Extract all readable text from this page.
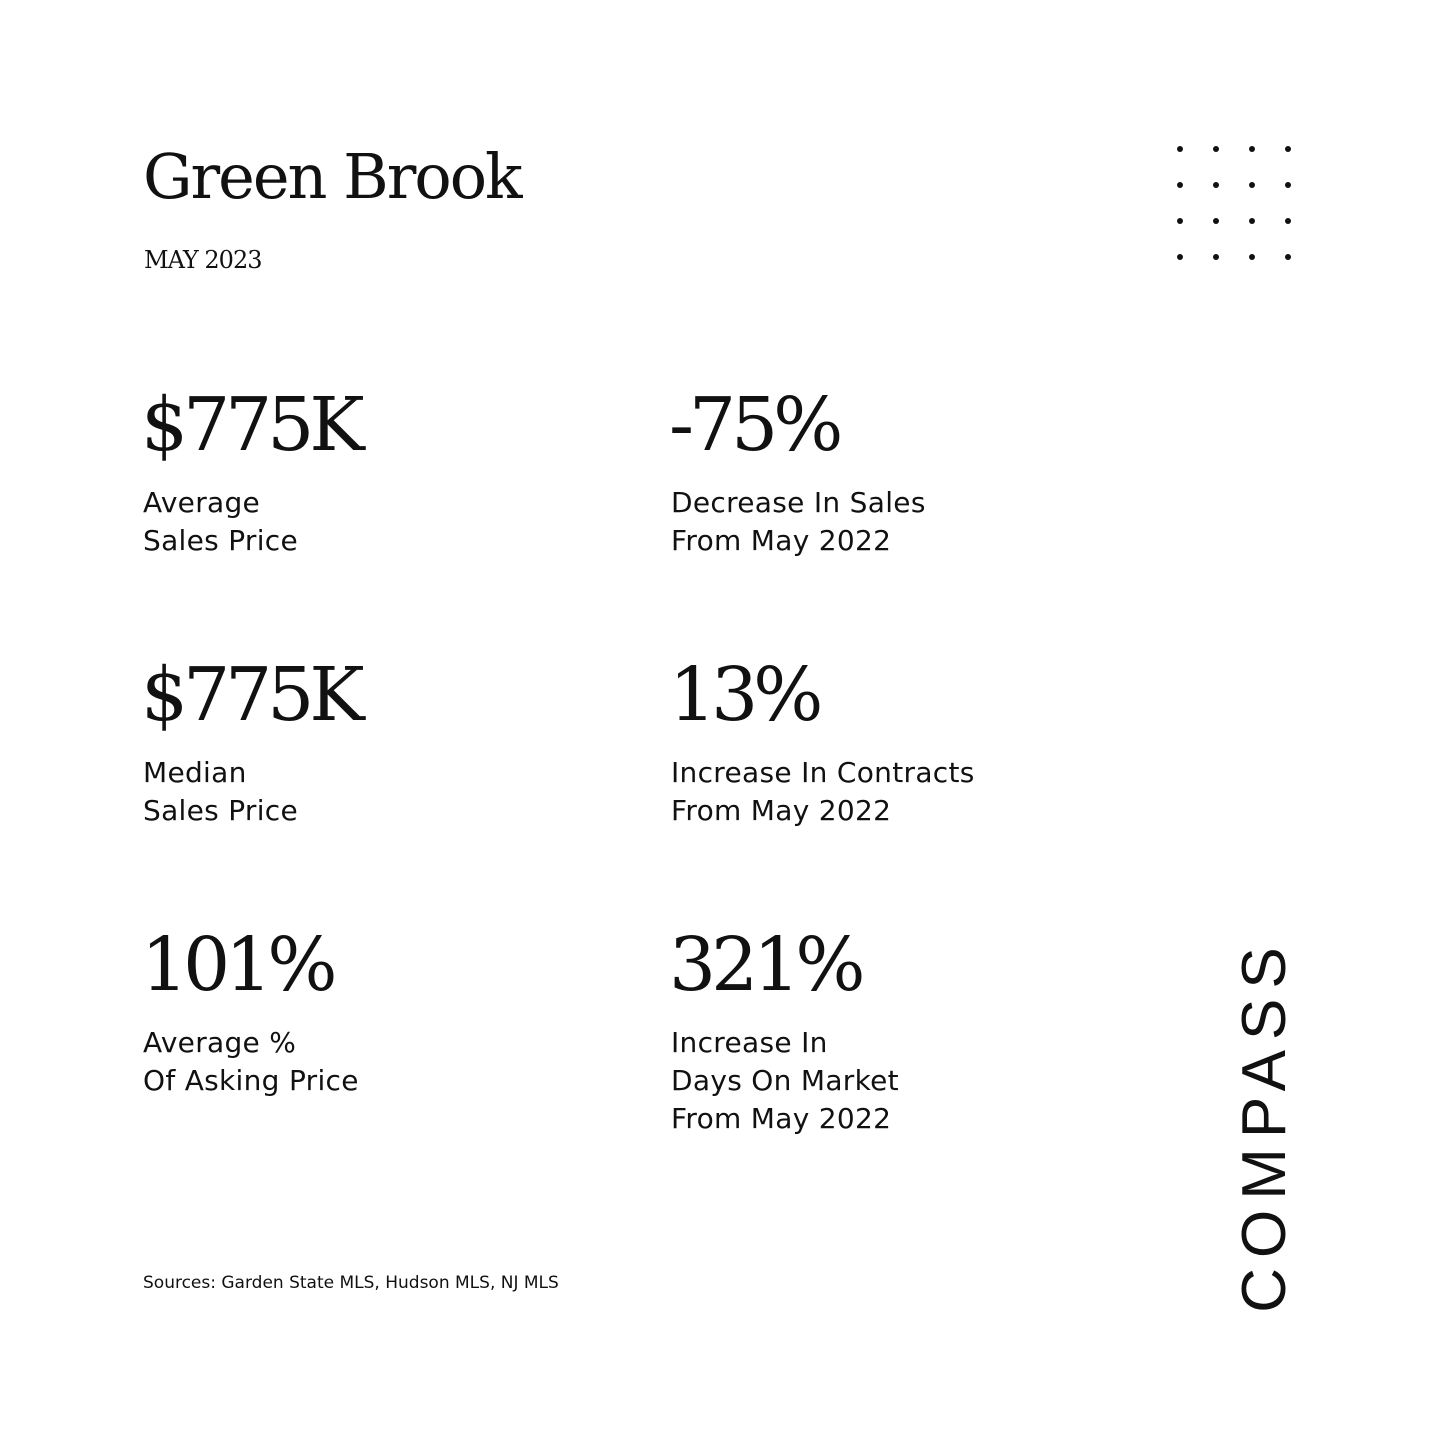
Green Brook
MAY 2023
$775K
Average
Sales Price
-75%
Decrease In Sales
From May 2022
$775K
Median
Sales Price
13%
Increase In Contracts
From May 2022
101%
Average %
Of Asking Price
321%
Increase In
Days On Market
From May 2022
Sources: Garden State MLS, Hudson MLS, NJ MLS	COMPASS
